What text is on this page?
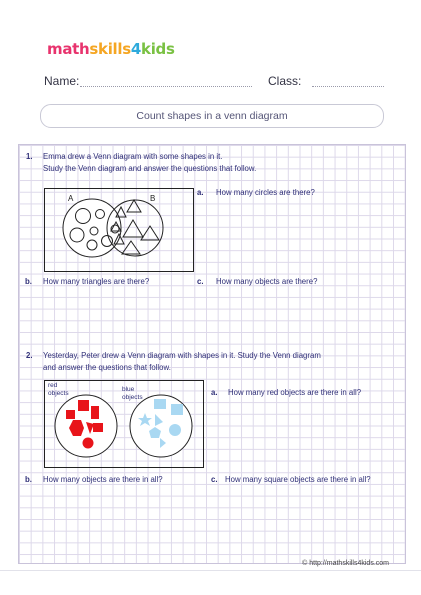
mathskills4kids
Name:	Class:
Count shapes in a venn diagram
1. Emma drew a Venn diagram with some shapes in it.
Study the Venn diagram and answer the questions that follow.
A	B
a. How many circles are there?
b. How many triangles are there?	c. How many objects are there?
2. Yesterday, Peter drew a Venn diagram with shapes in it. Study the Venn diagram
and answer the questions that follow.
red
objects
blue
objects
a. How many red objects are there in all?
b. How many objects are there in all?	c. How many square objects are there in all?
© http://mathskills4kids.com
